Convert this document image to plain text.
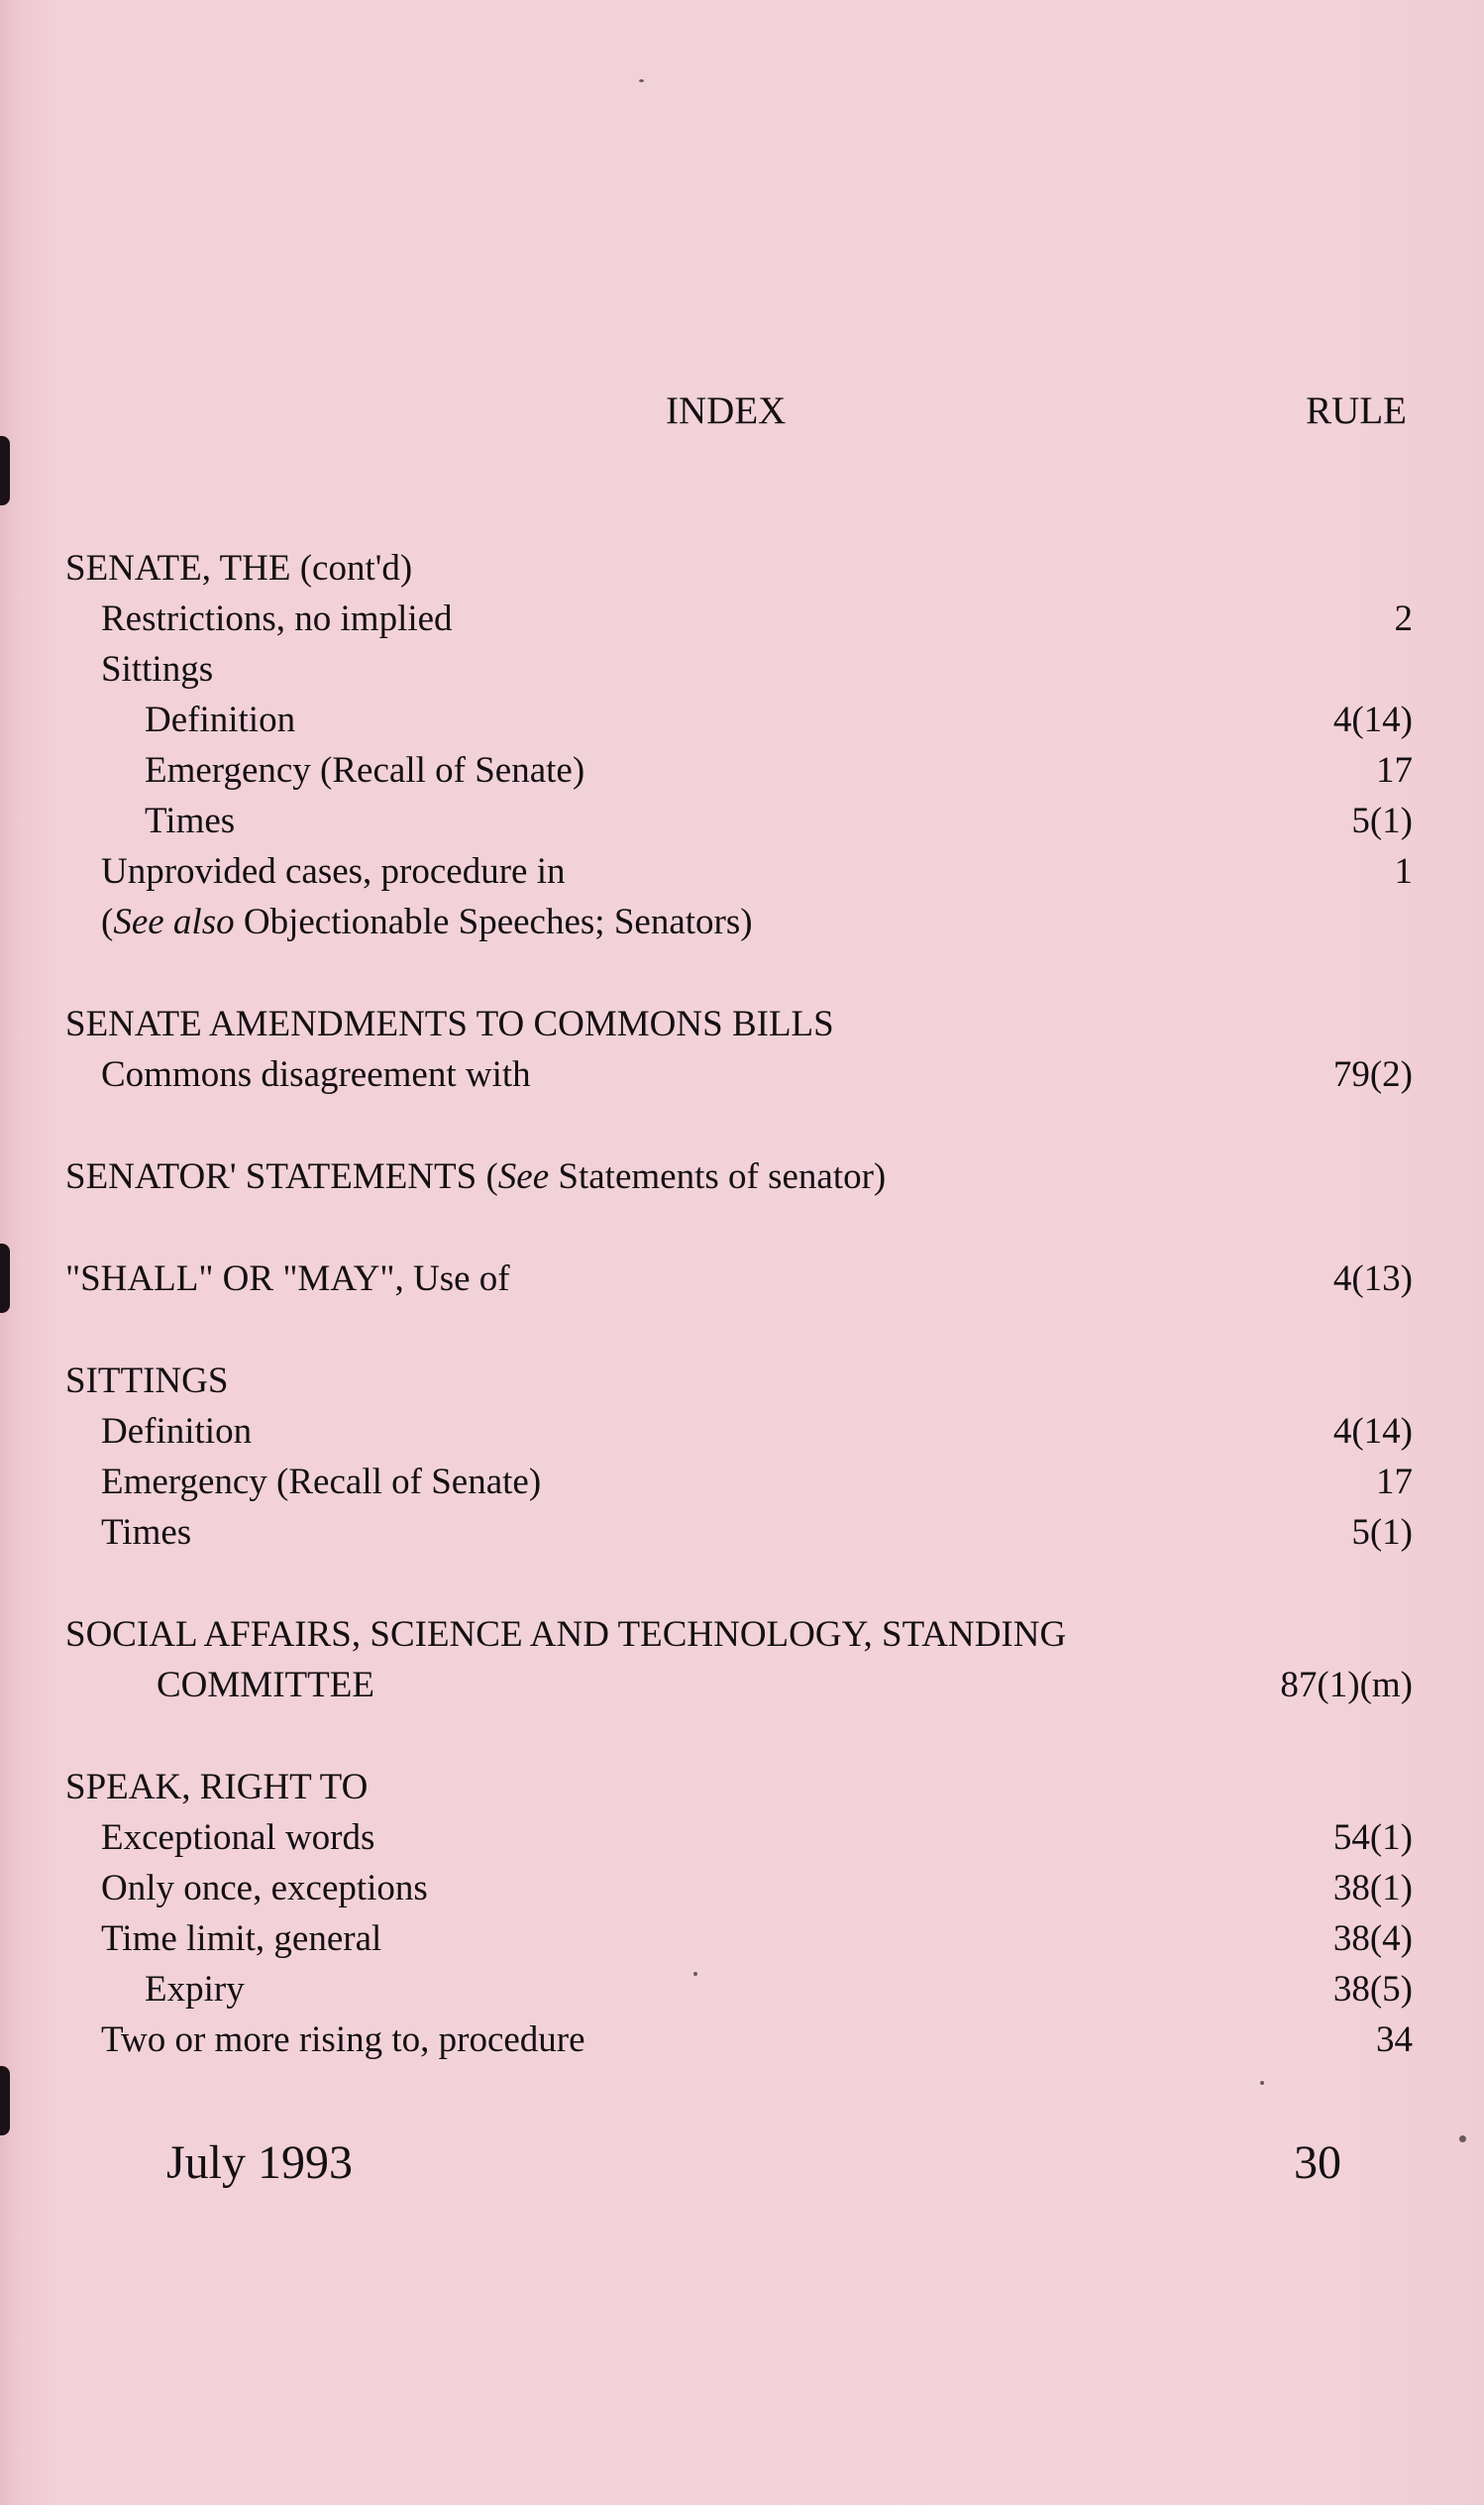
INDEX	RULE
SENATE, THE (cont'd)
Restrictions, no implied	2
Sittings
Definition	4(14)
Emergency (Recall of Senate)	17
Times	5(1)
Unprovided cases, procedure in	1
(See also Objectionable Speeches; Senators)
SENATE AMENDMENTS TO COMMONS BILLS
Commons disagreement with	79(2)
SENATOR' STATEMENTS (See Statements of senator)
"SHALL" OR "MAY", Use of	4(13)
SITTINGS
Definition	4(14)
Emergency (Recall of Senate)	17
Times	5(1)
SOCIAL AFFAIRS, SCIENCE AND TECHNOLOGY, STANDING
COMMITTEE	87(1)(m)
SPEAK, RIGHT TO
Exceptional words	54(1)
Only once, exceptions	38(1)
Time limit, general	38(4)
Expiry	38(5)
Two or more rising to, procedure	34
July 1993	30
